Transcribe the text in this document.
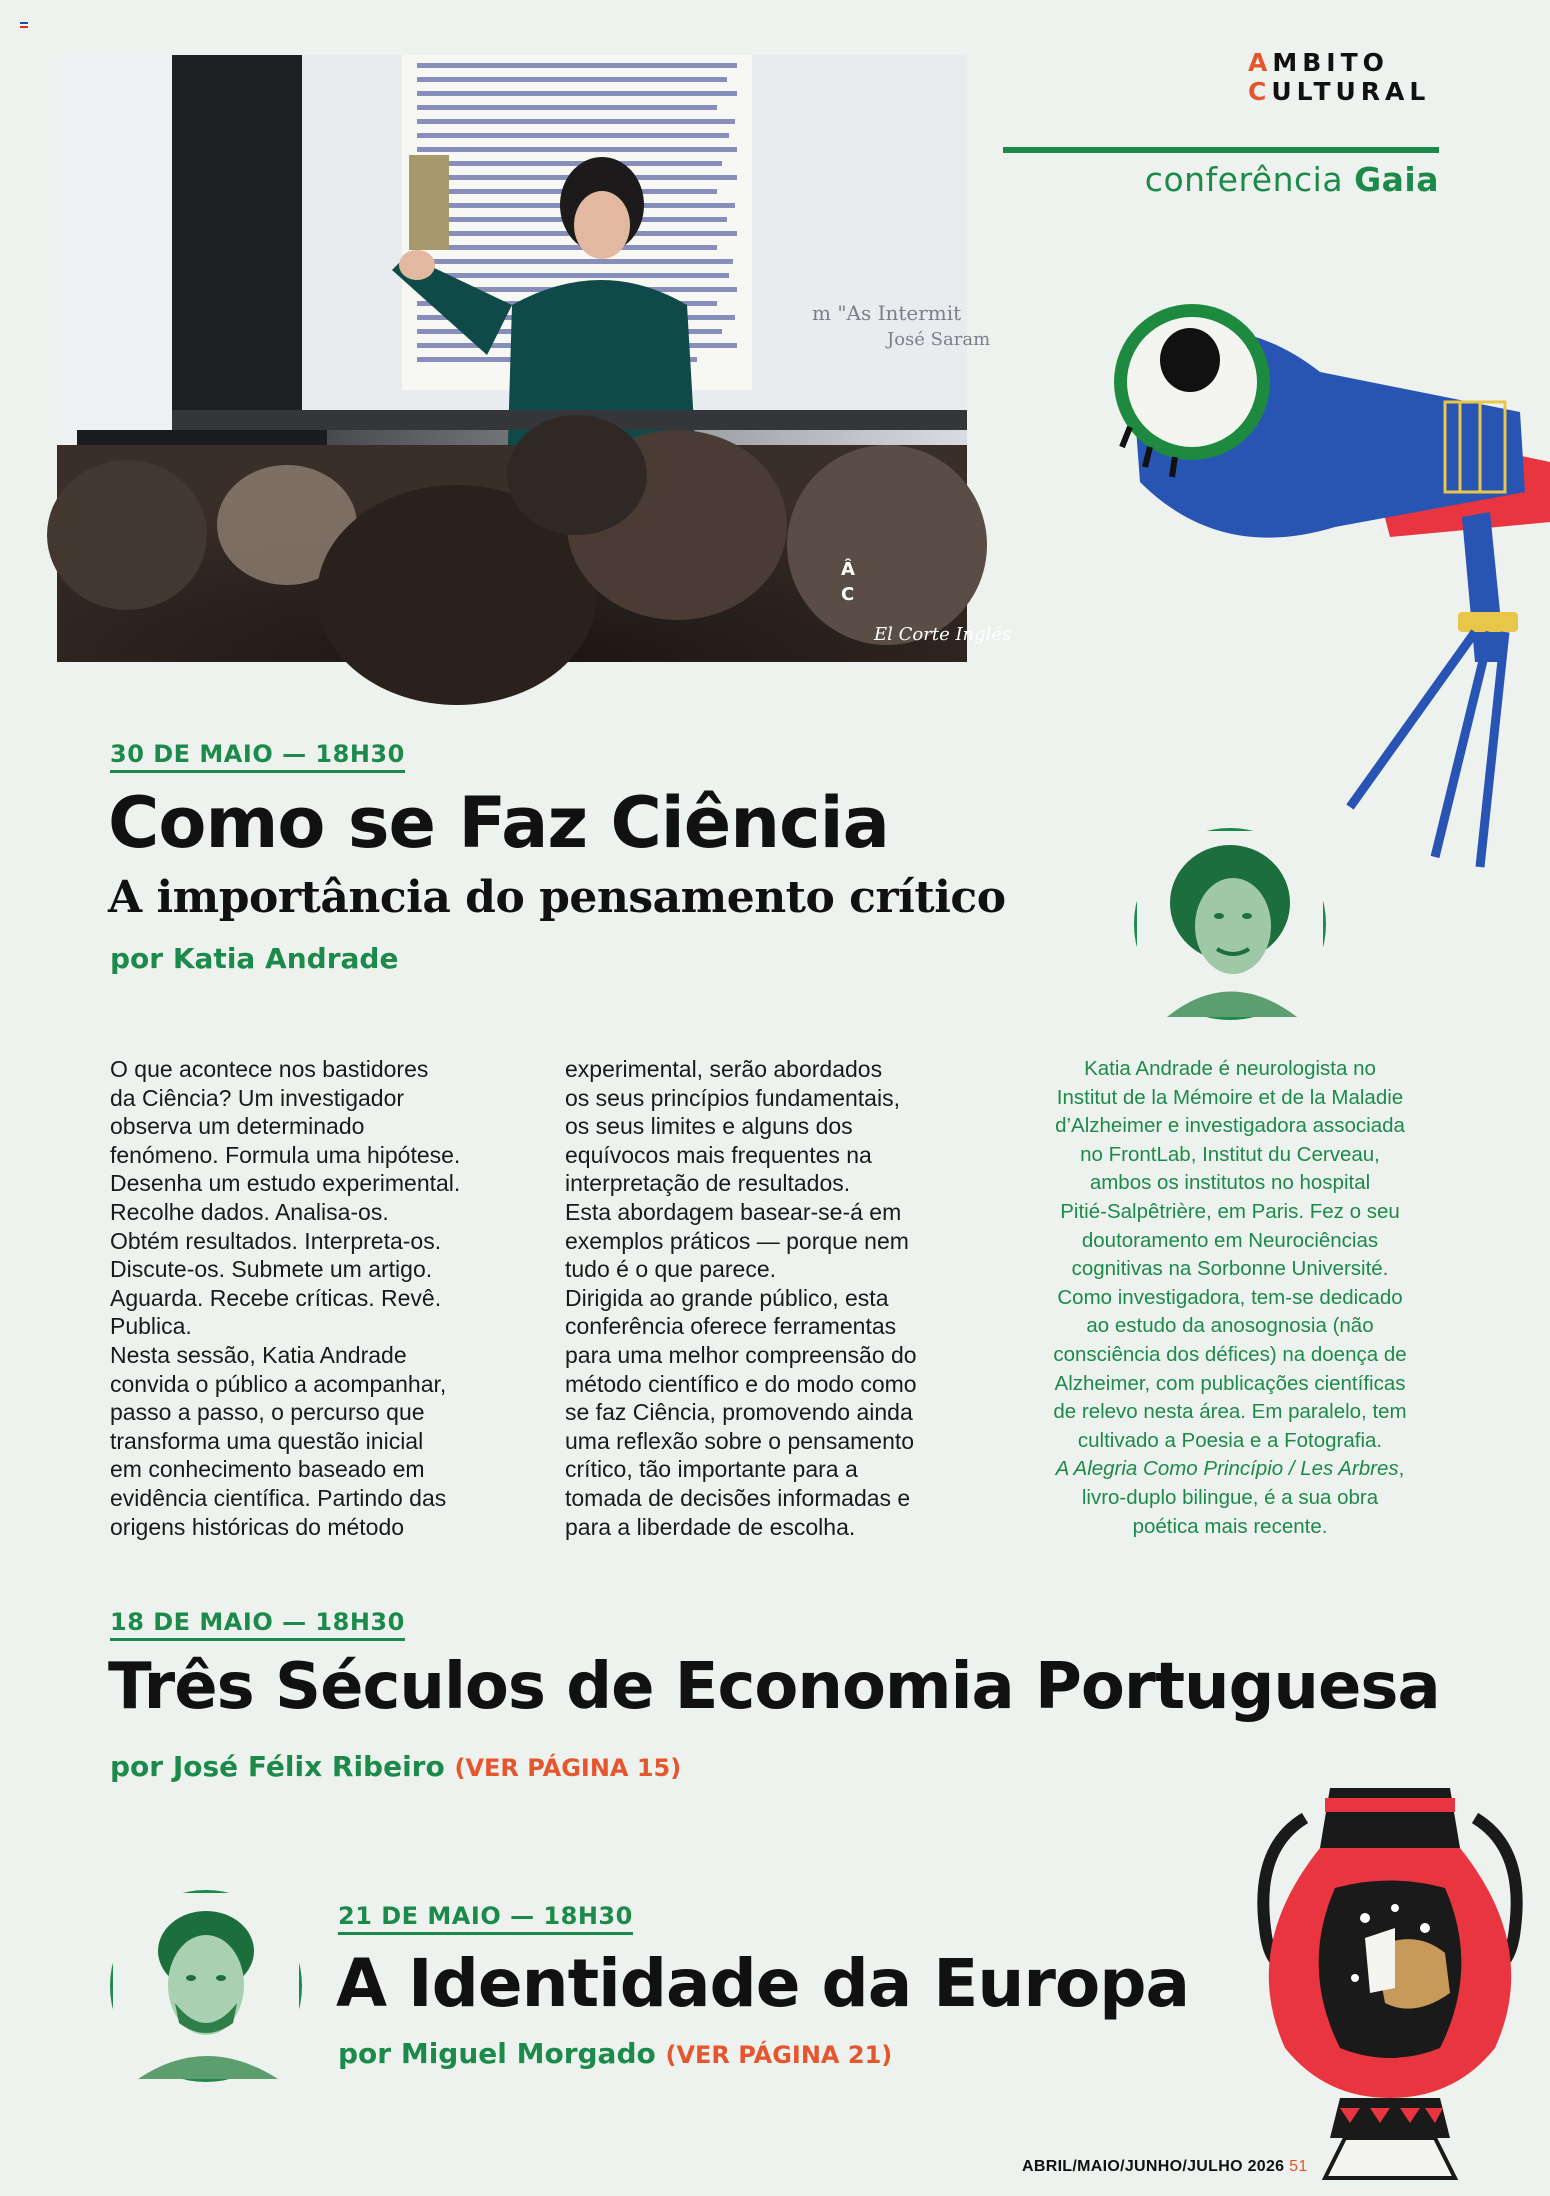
m "As Intermit
José Saram
El Corte Inglés
Â
C
AMBITO
CULTURAL
conferência Gaia
30 DE MAIO — 18H30
Como se Faz Ciência
A importância do pensamento crítico
por Katia Andrade
O que acontece nos bastidores
da Ciência? Um investigador
observa um determinado
fenómeno. Formula uma hipótese.
Desenha um estudo experimental.
Recolhe dados. Analisa-os.
Obtém resultados. Interpreta-os.
Discute-os. Submete um artigo.
Aguarda. Recebe críticas. Revê.
Publica.
Nesta sessão, Katia Andrade
convida o público a acompanhar,
passo a passo, o percurso que
transforma uma questão inicial
em conhecimento baseado em
evidência científica. Partindo das
origens históricas do método
experimental, serão abordados
os seus princípios fundamentais,
os seus limites e alguns dos
equívocos mais frequentes na
interpretação de resultados.
Esta abordagem basear-se-á em
exemplos práticos — porque nem
tudo é o que parece.
Dirigida ao grande público, esta
conferência oferece ferramentas
para uma melhor compreensão do
método científico e do modo como
se faz Ciência, promovendo ainda
uma reflexão sobre o pensamento
crítico, tão importante para a
tomada de decisões informadas e
para a liberdade de escolha.
Katia Andrade é neurologista no
Institut de la Mémoire et de la Maladie
d’Alzheimer e investigadora associada
no FrontLab, Institut du Cerveau,
ambos os institutos no hospital
Pitié-Salpêtrière, em Paris. Fez o seu
doutoramento em Neurociências
cognitivas na Sorbonne Université.
Como investigadora, tem-se dedicado
ao estudo da anosognosia (não
consciência dos défices) na doença de
Alzheimer, com publicações científicas
de relevo nesta área. Em paralelo, tem
cultivado a Poesia e a Fotografia.
A Alegria Como Princípio / Les Arbres,
livro-duplo bilingue, é a sua obra
poética mais recente.
18 DE MAIO — 18H30
Três Séculos de Economia Portuguesa
por José Félix Ribeiro (VER PÁGINA 15)
21 DE MAIO — 18H30
A Identidade da Europa
por Miguel Morgado (VER PÁGINA 21)
ABRIL/MAIO/JUNHO/JULHO 2026 51
